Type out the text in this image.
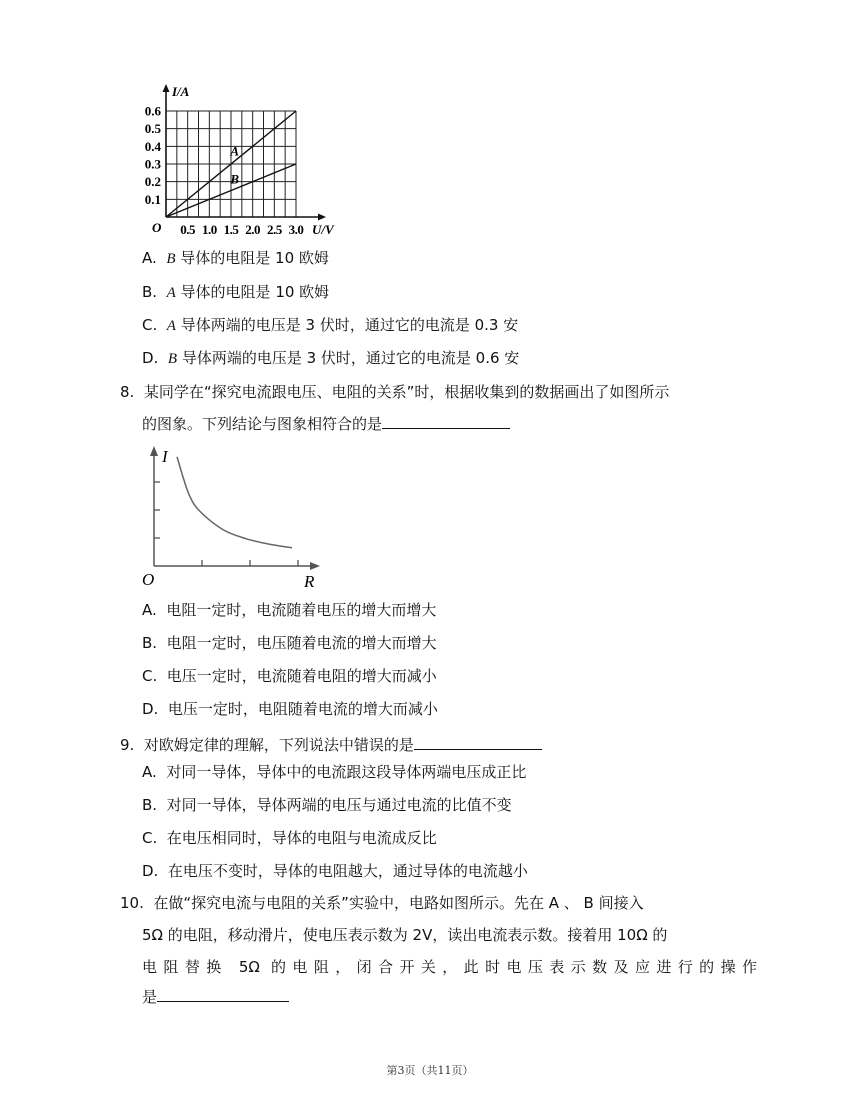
0.1
0.2
0.3
0.4
0.5
0.6
0.5 1.0 1.5 2.0 2.5 3.0
A
B
I/A
U/V
O
A. B 导体的电阻是 10 欧姆
B. A 导体的电阻是 10 欧姆
C. A 导体两端的电压是 3 伏时，通过它的电流是 0.3 安
D. B 导体两端的电压是 3 伏时，通过它的电流是 0.6 安
8. 某同学在“探究电流跟电压、电阻的关系”时，根据收集到的数据画出了如图所示
的图象。下列结论与图象相符合的是
I
R
O
A. 电阻一定时，电流随着电压的增大而增大
B. 电阻一定时，电压随着电流的增大而增大
C. 电压一定时，电流随着电阻的增大而减小
D. 电压一定时，电阻随着电流的增大而减小
9. 对欧姆定律的理解，下列说法中错误的是
A. 对同一导体，导体中的电流跟这段导体两端电压成正比
B. 对同一导体，导体两端的电压与通过电流的比值不变
C. 在电压相同时，导体的电阻与电流成反比
D. 在电压不变时，导体的电阻越大，通过导体的电流越小
10. 在做“探究电流与电阻的关系”实验中，电路如图所示。先在 A 、 B 间接入
5Ω 的电阻，移动滑片，使电压表示数为 2V，读出电流表示数。接着用 10Ω 的
电阻替换 5Ω 的电阻，闭合开关，此时电压表示数及应进行的操作
是
第3页（共11页）
